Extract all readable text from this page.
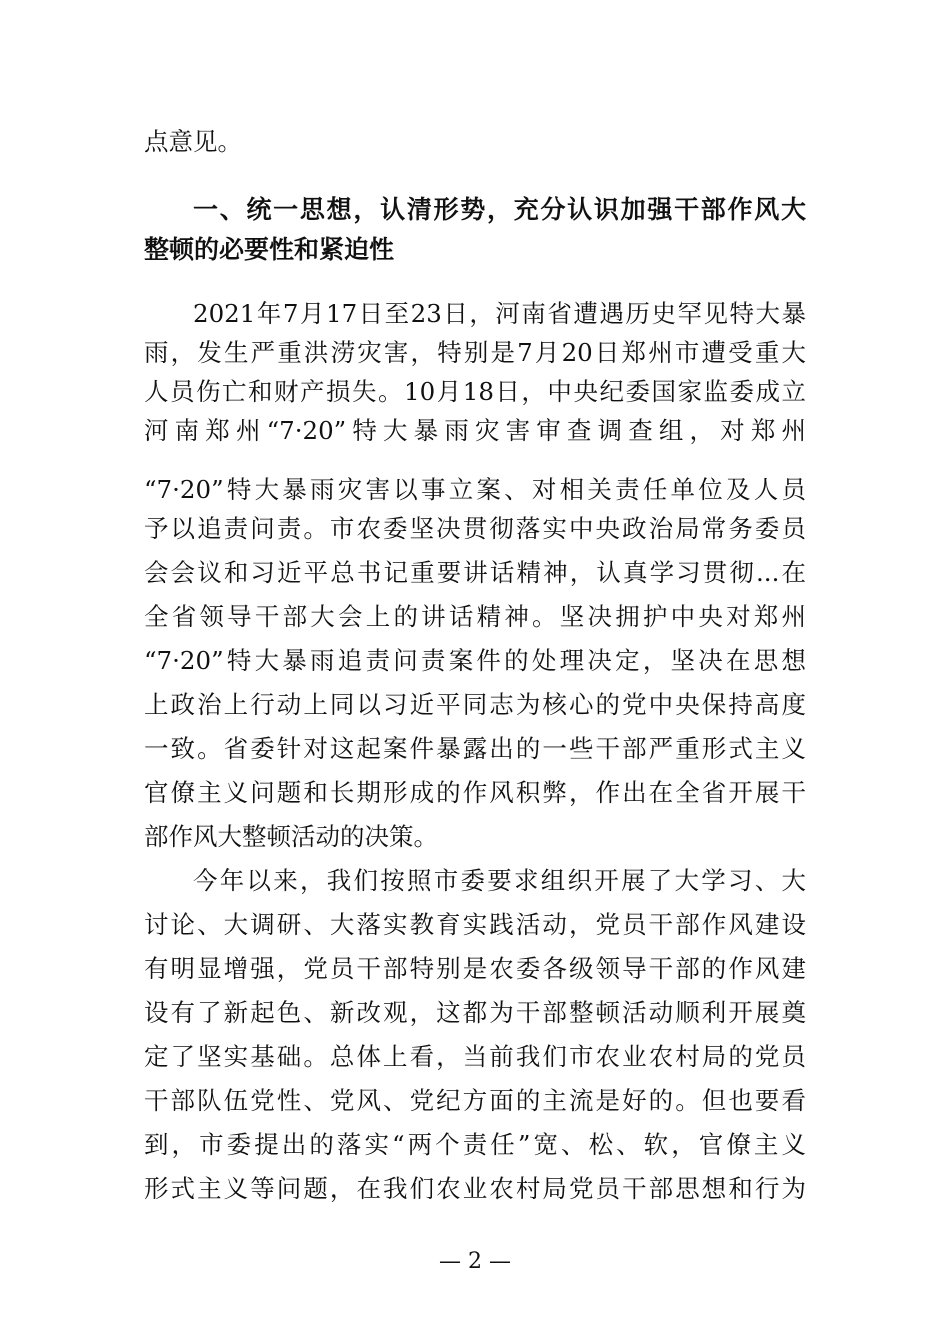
点意见。
一、统一思想，认清形势，充分认识加强干部作风大
整顿的必要性和紧迫性
2021年7月17日至23日，河南省遭遇历史罕见特大暴
雨，发生严重洪涝灾害，特别是7月20日郑州市遭受重大
人员伤亡和财产损失。10月18日，中央纪委国家监委成立
河南郑州“7·20”特大暴雨灾害审查调查组，对郑州
“7·20”特大暴雨灾害以事立案、对相关责任单位及人员
予以追责问责。市农委坚决贯彻落实中央政治局常务委员
会会议和习近平总书记重要讲话精神，认真学习贯彻...在
全省领导干部大会上的讲话精神。坚决拥护中央对郑州
“7·20”特大暴雨追责问责案件的处理决定，坚决在思想
上政治上行动上同以习近平同志为核心的党中央保持高度
一致。省委针对这起案件暴露出的一些干部严重形式主义
官僚主义问题和长期形成的作风积弊，作出在全省开展干
部作风大整顿活动的决策。
今年以来，我们按照市委要求组织开展了大学习、大
讨论、大调研、大落实教育实践活动，党员干部作风建设
有明显增强，党员干部特别是农委各级领导干部的作风建
设有了新起色、新改观，这都为干部整顿活动顺利开展奠
定了坚实基础。总体上看，当前我们市农业农村局的党员
干部队伍党性、党风、党纪方面的主流是好的。但也要看
到，市委提出的落实“两个责任”宽、松、软，官僚主义
形式主义等问题，在我们农业农村局党员干部思想和行为
— 2 —
